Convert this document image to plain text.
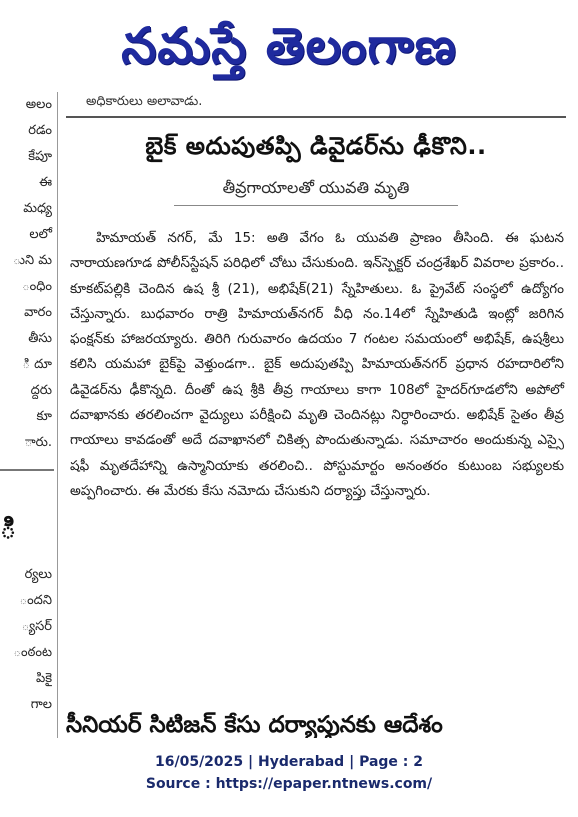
నమస్తే తెలంగాణ
అలం
రడం
కేపూ
ఈ
మధ్య
లలో
ుని మ
ంధిం
వారం
తీసు
ి దూ
ద్దరు
కూ
ారు.
ి
ర్యలు
ందని
్యసర్
ంఠంట
పికై
గాల
అధికారులు అలావాడు.
బైక్ అదుపుతప్పి డివైడర్‌ను ఢీకొని..
తీవ్రగాయాలతో యువతి మృతి
హిమాయత్ నగర్, మే 15: అతి వేగం ఓ యువతి ప్రాణం తీసింది. ఈ ఘటన నారాయణగూడ పోలీస్‌స్టేషన్ పరిధిలో చోటు చేసుకుంది. ఇన్‌స్పెక్టర్ చంద్రశేఖర్ వివరాల ప్రకారం.. కూకట్‌పల్లికి చెందిన ఉష శ్రీ (21), అభిషేక్(21) స్నేహితులు. ఓ ప్రైవేట్ సంస్థలో ఉద్యోగం చేస్తున్నారు. బుధవారం రాత్రి హిమాయత్‌నగర్ వీధి నం.14లో స్నేహితుడి ఇంట్లో జరిగిన ఫంక్షన్‌కు హాజరయ్యారు. తిరిగి గురువారం ఉదయం 7 గంటల సమయంలో అభిషేక్, ఉషశ్రీలు కలిసి యమహా బైక్‌పై వెళ్తుండగా.. బైక్ అదుపుతప్పి హిమాయత్‌నగర్ ప్రధాన రహదారిలోని డివైడర్‌ను ఢీకొన్నది. దీంతో ఉష శ్రీకి తీవ్ర గాయాలు కాగా 108లో హైదర్‌గూడలోని అపోలో దవాఖానకు తరలించగా వైద్యులు పరీక్షించి మృతి చెందినట్లు నిర్ధారించారు. అభిషేక్ సైతం తీవ్ర గాయాలు కావడంతో అదే దవాఖానలో చికిత్స పొందుతున్నాడు. సమాచారం అందుకున్న ఎస్సై షఫీ మృతదేహాన్ని ఉస్మానియాకు తరలించి.. పోస్టుమార్టం అనంతరం కుటుంబ సభ్యులకు అప్పగించారు. ఈ మేరకు కేసు నమోదు చేసుకుని దర్యాప్తు చేస్తున్నారు.
సీనియర్ సిటిజన్ కేసు దర్యాప్తునకు ఆదేశం
16/05/2025 | Hyderabad | Page : 2
Source : https://epaper.ntnews.com/
